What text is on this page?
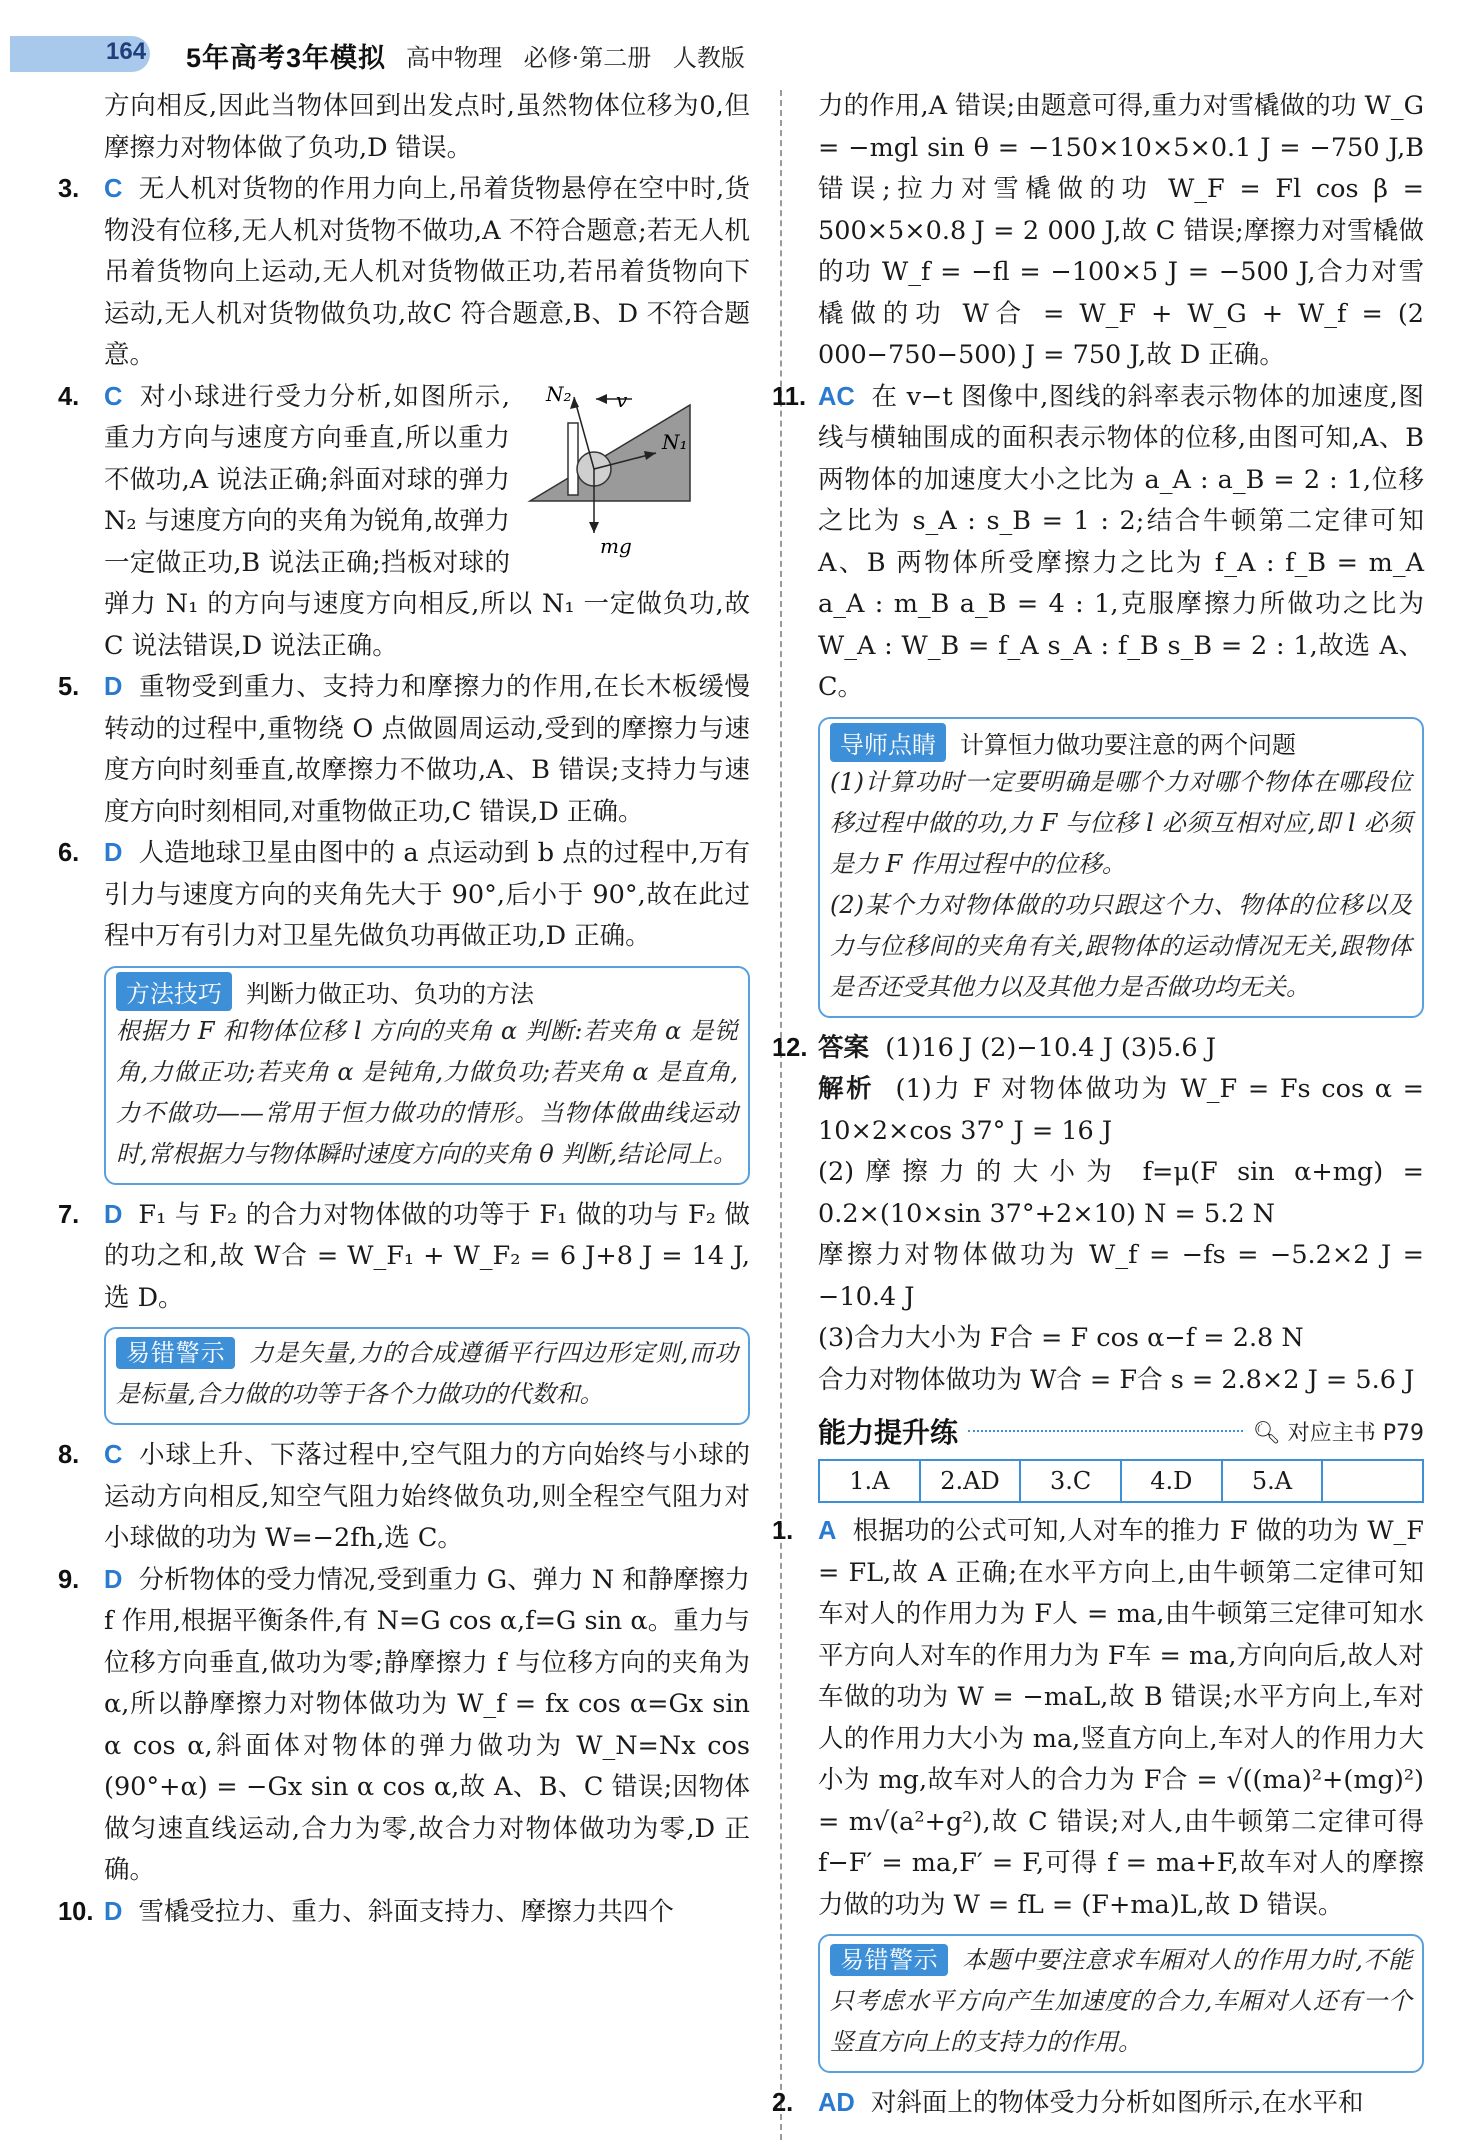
164 5年高考3年模拟 高中物理 必修·第二册 人教版

方向相反,因此当物体回到出发点时,虽然物体位移为0,但摩擦力对物体做了负功,D 错误。

3. C 无人机对货物的作用力向上,吊着货物悬停在空中时,货物没有位移,无人机对货物不做功,A 不符合题意;若无人机吊着货物向上运动,无人机对货物做正功,若吊着货物向下运动,无人机对货物做负功,故C 符合题意,B、D 不符合题意。
N₂ v
N₁
mg
4. C 对小球进行受力分析,如图所示,重力方向与速度方向垂直,所以重力不做功,A 说法正确;斜面对球的弹力 N₂ 与速度方向的夹角为锐角,故弹力一定做正功,B 说法正确;挡板对球的弹力 N₁ 的方向与速度方向相反,所以 N₁ 一定做负功,故 C 说法错误,D 说法正确。
5. D 重物受到重力、支持力和摩擦力的作用,在长木板缓慢转动的过程中,重物绕 O 点做圆周运动,受到的摩擦力与速度方向时刻垂直,故摩擦力不做功,A、B 错误;支持力与速度方向时刻相同,对重物做正功,C 错误,D 正确。
6. D 人造地球卫星由图中的 a 点运动到 b 点的过程中,万有引力与速度方向的夹角先大于 90°,后小于 90°,故在此过程中万有引力对卫星先做负功再做正功,D 正确。
方法技巧	判断力做正功、负功的方法
根据力 F 和物体位移 l 方向的夹角 α 判断:若夹角 α 是锐角,力做正功;若夹角 α 是钝角,力做负功;若夹角 α 是直角,力不做功——常用于恒力做功的情形。当物体做曲线运动时,常根据力与物体瞬时速度方向的夹角 θ 判断,结论同上。
7. D F₁ 与 F₂ 的合力对物体做的功等于 F₁ 做的功与 F₂ 做的功之和,故 W合 = W_F₁ + W_F₂ = 6 J+8 J = 14 J,选 D。
易错警示 力是矢量,力的合成遵循平行四边形定则,而功是标量,合力做的功等于各个力做功的代数和。
8. C 小球上升、下落过程中,空气阻力的方向始终与小球的运动方向相反,知空气阻力始终做负功,则全程空气阻力对小球做的功为 W=−2fh,选 C。
9. D 分析物体的受力情况,受到重力 G、弹力 N 和静摩擦力 f 作用,根据平衡条件,有 N=G cos α,f=G sin α。重力与位移方向垂直,做功为零;静摩擦力 f 与位移方向的夹角为 α,所以静摩擦力对物体做功为 W_f = fx cos α=Gx sin α cos α,斜面体对物体的弹力做功为 W_N=Nx cos (90°+α) = −Gx sin α cos α,故 A、B、C 错误;因物体做匀速直线运动,合力为零,故合力对物体做功为零,D 正确。
10. D 雪橇受拉力、重力、斜面支持力、摩擦力共四个

力的作用,A 错误;由题意可得,重力对雪橇做的功 W_G = −mgl sin θ = −150×10×5×0.1 J = −750 J,B 错误;拉力对雪橇做的功 W_F = Fl cos β = 500×5×0.8 J = 2 000 J,故 C 错误;摩擦力对雪橇做的功 W_f = −fl = −100×5 J = −500 J,合力对雪橇做的功 W合 = W_F + W_G + W_f = (2 000−750−500) J = 750 J,故 D 正确。

11. AC 在 v−t 图像中,图线的斜率表示物体的加速度,图线与横轴围成的面积表示物体的位移,由图可知,A、B 两物体的加速度大小之比为 a_A : a_B = 2 : 1,位移之比为 s_A : s_B = 1 : 2;结合牛顿第二定律可知 A、B 两物体所受摩擦力之比为 f_A : f_B = m_A a_A : m_B a_B = 4 : 1,克服摩擦力所做功之比为 W_A : W_B = f_A s_A : f_B s_B = 2 : 1,故选 A、C。
导师点睛	计算恒力做功要注意的两个问题
(1)计算功时一定要明确是哪个力对哪个物体在哪段位移过程中做的功,力 F 与位移 l 必须互相对应,即 l 必须是力 F 作用过程中的位移。
(2)某个力对物体做的功只跟这个力、物体的位移以及力与位移间的夹角有关,跟物体的运动情况无关,跟物体是否还受其他力以及其他力是否做功均无关。
12. 答案 (1)16 J (2)−10.4 J (3)5.6 J
解析 (1)力 F 对物体做功为 W_F = Fs cos α = 10×2×cos 37° J = 16 J
(2)摩擦力的大小为 f=μ(F sin α+mg) = 0.2×(10×sin 37°+2×10) N = 5.2 N
摩擦力对物体做功为 W_f = −fs = −5.2×2 J = −10.4 J
(3)合力大小为 F合 = F cos α−f = 2.8 N
合力对物体做功为 W合 = F合 s = 2.8×2 J = 5.6 J
能力提升练	🔍︎ 对应主书 P79
1.A	2.AD	3.C	4.D	5.A	
1. A 根据功的公式可知,人对车的推力 F 做的功为 W_F = FL,故 A 正确;在水平方向上,由牛顿第二定律可知车对人的作用力为 F人 = ma,由牛顿第三定律可知水平方向人对车的作用力为 F车 = ma,方向向后,故人对车做的功为 W = −maL,故 B 错误;水平方向上,车对人的作用力大小为 ma,竖直方向上,车对人的作用力大小为 mg,故车对人的合力为 F合 = √((ma)²+(mg)²) = m√(a²+g²),故 C 错误;对人,由牛顿第二定律可得 f−F′ = ma,F′ = F,可得 f = ma+F,故车对人的摩擦力做的功为 W = fL = (F+ma)L,故 D 错误。
易错警示 本题中要注意求车厢对人的作用力时,不能只考虑水平方向产生加速度的合力,车厢对人还有一个竖直方向上的支持力的作用。
2. AD 对斜面上的物体受力分析如图所示,在水平和
